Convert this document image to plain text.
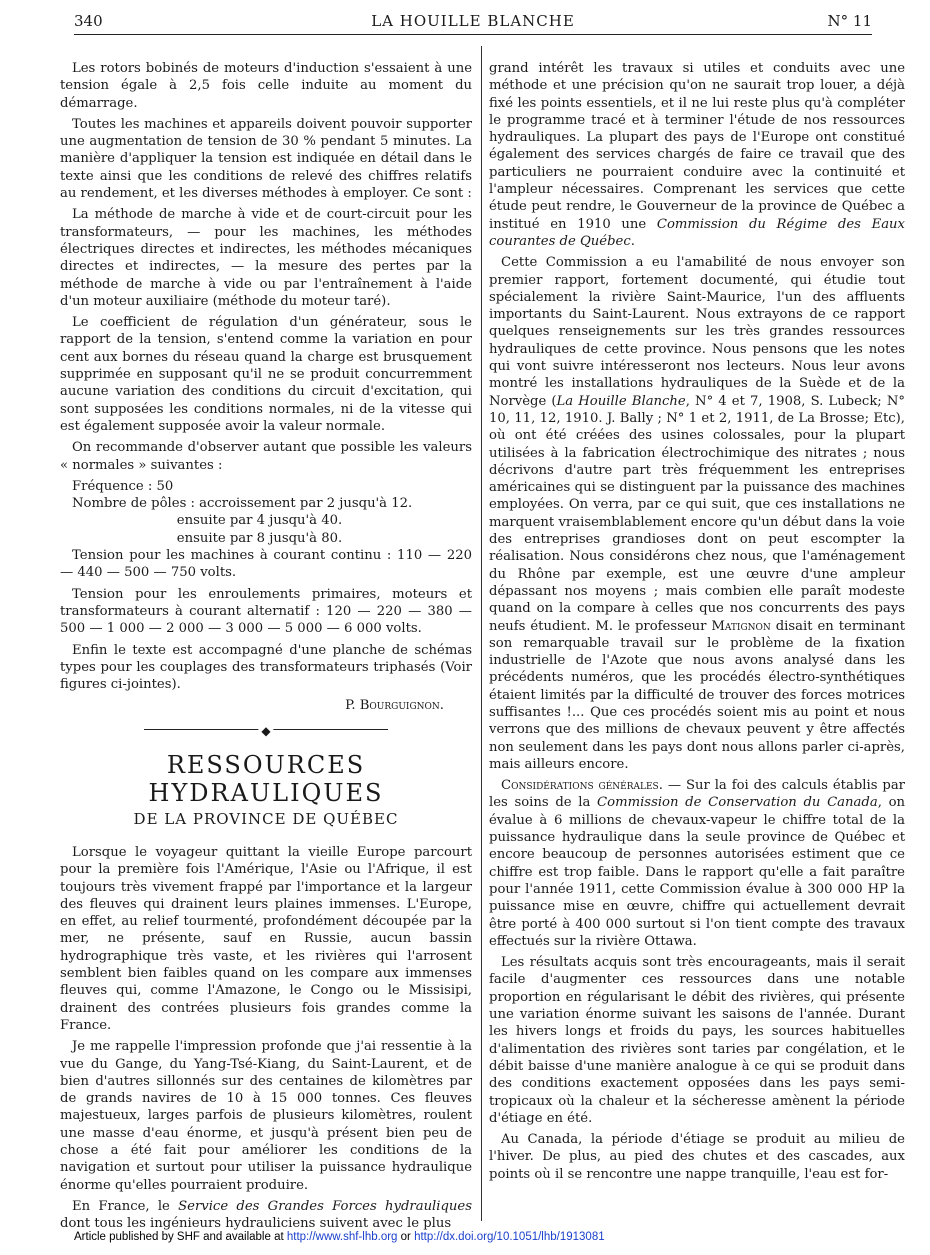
340	LA HOUILLE BLANCHE	N° 11

Les rotors bobinés de moteurs d'induction s'essaient à une tension égale à 2,5 fois celle induite au moment du démarrage.

Toutes les machines et appareils doivent pouvoir supporter une augmentation de tension de 30 % pendant 5 minutes. La manière d'appliquer la tension est indiquée en détail dans le texte ainsi que les conditions de relevé des chiffres relatifs au rendement, et les diverses méthodes à employer. Ce sont :

La méthode de marche à vide et de court-circuit pour les transformateurs, — pour les machines, les méthodes électriques directes et indirectes, les méthodes mécaniques directes et indirectes, — la mesure des pertes par la méthode de marche à vide ou par l'entraînement à l'aide d'un moteur auxiliaire (méthode du moteur taré).

Le coefficient de régulation d'un générateur, sous le rapport de la tension, s'entend comme la variation en pour cent aux bornes du réseau quand la charge est brusquement supprimée en supposant qu'il ne se produit concurremment aucune variation des conditions du circuit d'excitation, qui sont supposées les conditions normales, ni de la vitesse qui est également supposée avoir la valeur normale.

On recommande d'observer autant que possible les valeurs « normales » suivantes :

Fréquence : 50
Nombre de pôles : accroissement par 2 jusqu'à 12.
ensuite par 4 jusqu'à 40.
ensuite par 8 jusqu'à 80.

Tension pour les machines à courant continu : 110 — 220 — 440 — 500 — 750 volts.

Tension pour les enroulements primaires, moteurs et transformateurs à courant alternatif : 120 — 220 — 380 — 500 — 1 000 — 2 000 — 3 000 — 5 000 — 6 000 volts.

Enfin le texte est accompagné d'une planche de schémas types pour les couplages des transformateurs triphasés (Voir figures ci-jointes).

P. Bourguignon.
◆
RESSOURCES HYDRAULIQUES
DE LA PROVINCE DE QUÉBEC

Lorsque le voyageur quittant la vieille Europe parcourt pour la première fois l'Amérique, l'Asie ou l'Afrique, il est toujours très vivement frappé par l'importance et la largeur des fleuves qui drainent leurs plaines immenses. L'Europe, en effet, au relief tourmenté, profondément découpée par la mer, ne présente, sauf en Russie, aucun bassin hydrographique très vaste, et les rivières qui l'arrosent semblent bien faibles quand on les compare aux immenses fleuves qui, comme l'Amazone, le Congo ou le Missisipi, drainent des contrées plusieurs fois grandes comme la France.

Je me rappelle l'impression profonde que j'ai ressentie à la vue du Gange, du Yang-Tsé-Kiang, du Saint-Laurent, et de bien d'autres sillonnés sur des centaines de kilomètres par de grands navires de 10 à 15 000 tonnes. Ces fleuves majestueux, larges parfois de plusieurs kilomètres, roulent une masse d'eau énorme, et jusqu'à présent bien peu de chose a été fait pour améliorer les conditions de la navigation et surtout pour utiliser la puissance hydraulique énorme qu'elles pourraient produire.

En France, le Service des Grandes Forces hydrauliques dont tous les ingénieurs hydrauliciens suivent avec le plus

grand intérêt les travaux si utiles et conduits avec une méthode et une précision qu'on ne saurait trop louer, a déjà fixé les points essentiels, et il ne lui reste plus qu'à compléter le programme tracé et à terminer l'étude de nos ressources hydrauliques. La plupart des pays de l'Europe ont constitué également des services chargés de faire ce travail que des particuliers ne pourraient conduire avec la continuité et l'ampleur nécessaires. Comprenant les services que cette étude peut rendre, le Gouverneur de la province de Québec a institué en 1910 une Commission du Régime des Eaux courantes de Québec.

Cette Commission a eu l'amabilité de nous envoyer son premier rapport, fortement documenté, qui étudie tout spécialement la rivière Saint-Maurice, l'un des affluents importants du Saint-Laurent. Nous extrayons de ce rapport quelques renseignements sur les très grandes ressources hydrauliques de cette province. Nous pensons que les notes qui vont suivre intéresseront nos lecteurs. Nous leur avons montré les installations hydrauliques de la Suède et de la Norvège (La Houille Blanche, N° 4 et 7, 1908, S. Lubeck; N° 10, 11, 12, 1910. J. Bally ; N° 1 et 2, 1911, de La Brosse; Etc), où ont été créées des usines colossales, pour la plupart utilisées à la fabrication électrochimique des nitrates ; nous décrivons d'autre part très fréquemment les entreprises américaines qui se distinguent par la puissance des machines employées. On verra, par ce qui suit, que ces installations ne marquent vraisemblablement encore qu'un début dans la voie des entreprises grandioses dont on peut escompter la réalisation. Nous considérons chez nous, que l'aménagement du Rhône par exemple, est une œuvre d'une ampleur dépassant nos moyens ; mais combien elle paraît modeste quand on la compare à celles que nos concurrents des pays neufs étudient. M. le professeur Matignon disait en terminant son remarquable travail sur le problème de la fixation industrielle de l'Azote que nous avons analysé dans les précédents numéros, que les procédés électro-synthétiques étaient limités par la difficulté de trouver des forces motrices suffisantes !... Que ces procédés soient mis au point et nous verrons que des millions de chevaux peuvent y être affectés non seulement dans les pays dont nous allons parler ci-après, mais ailleurs encore.

Considérations générales. — Sur la foi des calculs établis par les soins de la Commission de Conservation du Canada, on évalue à 6 millions de chevaux-vapeur le chiffre total de la puissance hydraulique dans la seule province de Québec et encore beaucoup de personnes autorisées estiment que ce chiffre est trop faible. Dans le rapport qu'elle a fait paraître pour l'année 1911, cette Commission évalue à 300 000 HP la puissance mise en œuvre, chiffre qui actuellement devrait être porté à 400 000 surtout si l'on tient compte des travaux effectués sur la rivière Ottawa.

Les résultats acquis sont très encourageants, mais il serait facile d'augmenter ces ressources dans une notable proportion en régularisant le débit des rivières, qui présente une variation énorme suivant les saisons de l'année. Durant les hivers longs et froids du pays, les sources habituelles d'alimentation des rivières sont taries par congélation, et le débit baisse d'une manière analogue à ce qui se produit dans des conditions exactement opposées dans les pays semi-tropicaux où la chaleur et la sécheresse amènent la période d'étiage en été.

Au Canada, la période d'étiage se produit au milieu de l'hiver. De plus, au pied des chutes et des cascades, aux points où il se rencontre une nappe tranquille, l'eau est for-

Article published by SHF and available at http://www.shf-lhb.org or http://dx.doi.org/10.1051/lhb/1913081
